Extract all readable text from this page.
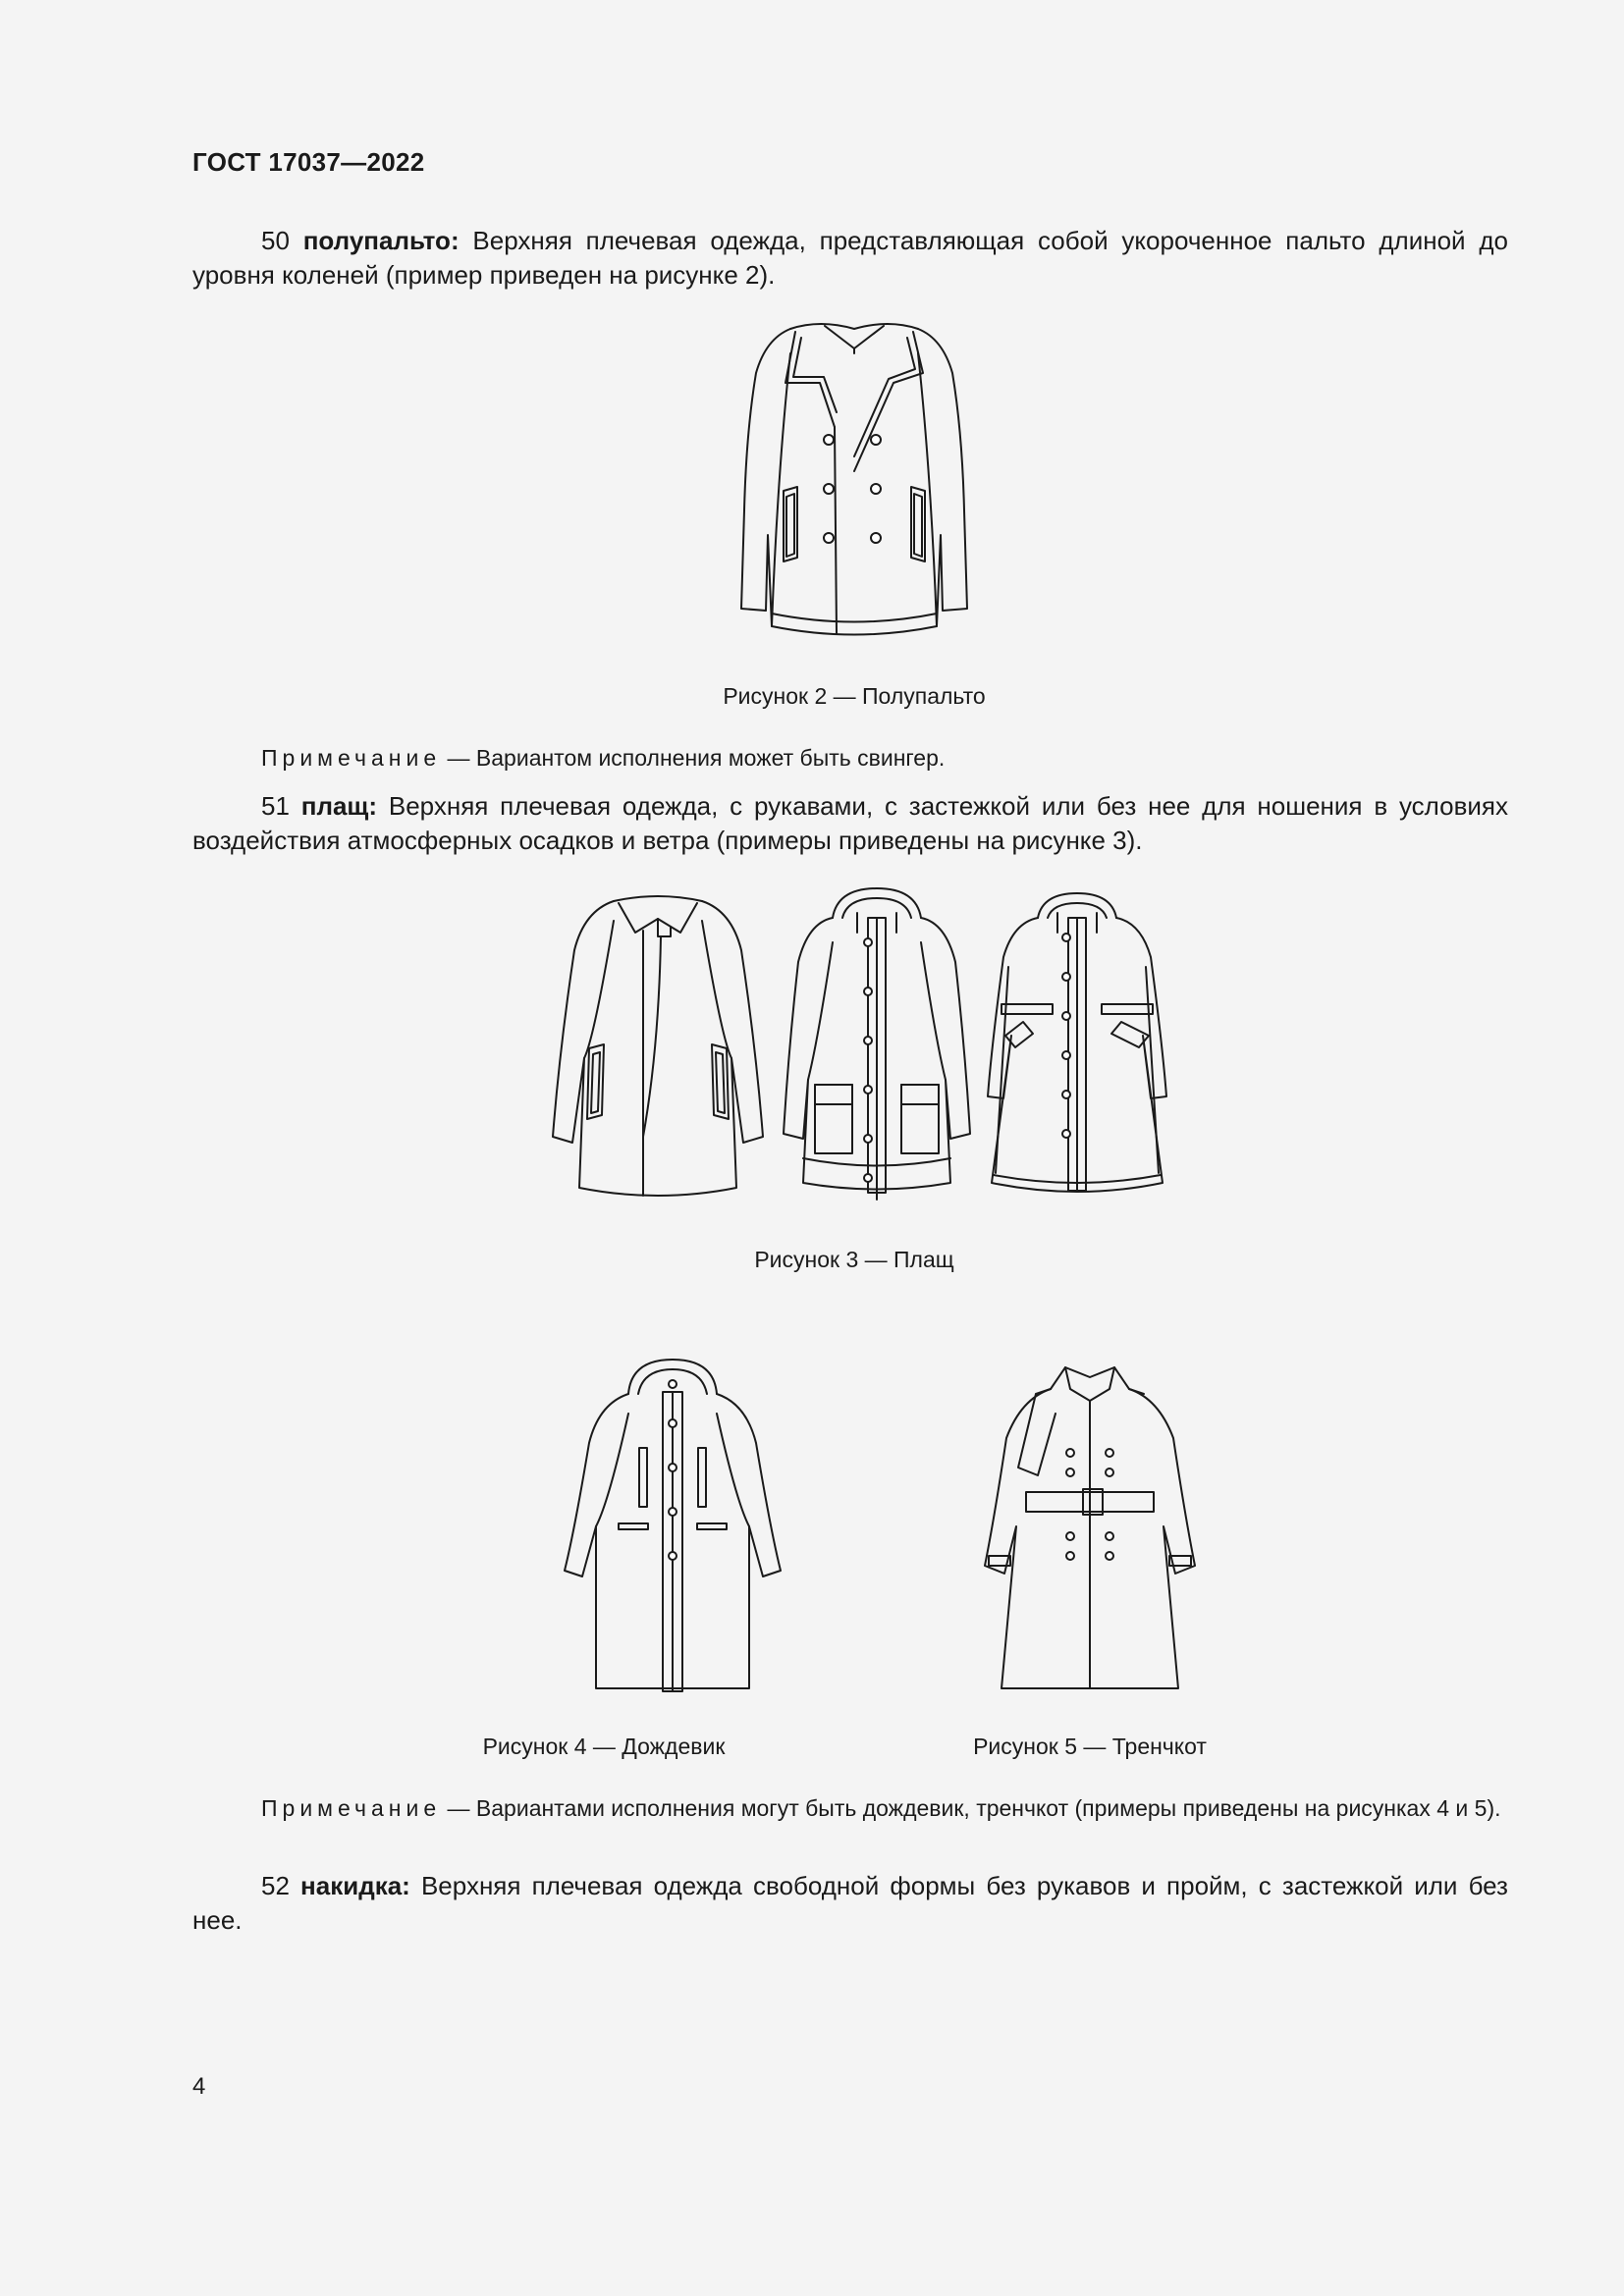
ГОСТ 17037—2022
50 полупальто: Верхняя плечевая одежда, представляющая собой укороченное пальто длиной до уровня коленей (пример приведен на рисунке 2).
Рисунок 2 — Полупальто
Примечание — Вариантом исполнения может быть свингер.
51 плащ: Верхняя плечевая одежда, с рукавами, с застежкой или без нее для ношения в условиях воздействия атмосферных осадков и ветра (примеры приведены на рисунке 3).
Рисунок 3 — Плащ
Рисунок 4 — Дождевик	Рисунок 5 — Тренчкот
Примечание — Вариантами исполнения могут быть дождевик, тренчкот (примеры приведены на рисунках 4 и 5).
52 накидка: Верхняя плечевая одежда свободной формы без рукавов и пройм, с застежкой или без нее.
4
